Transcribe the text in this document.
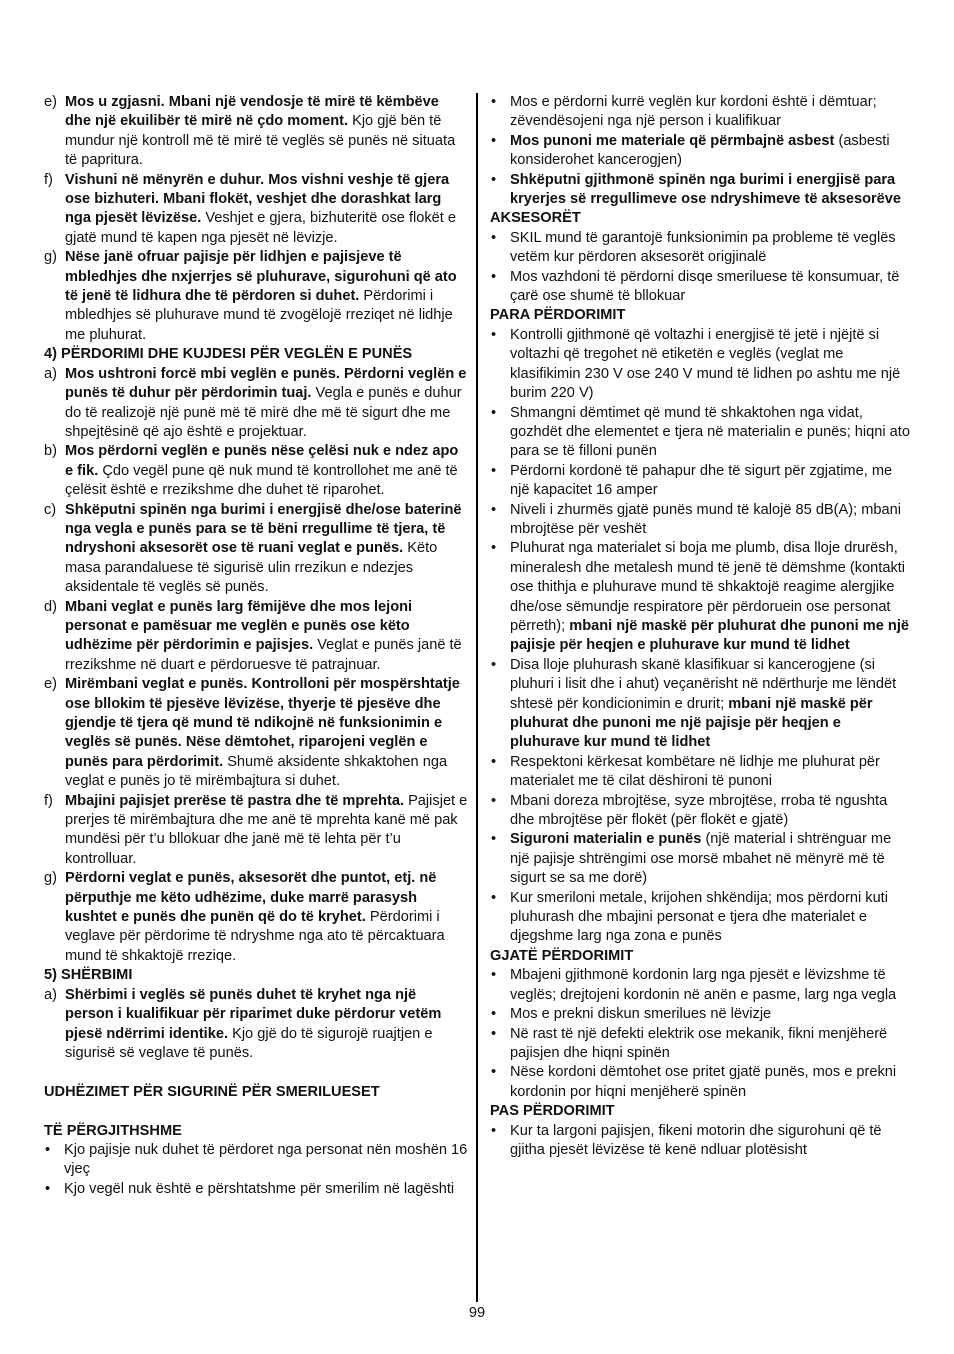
e) Mos u zgjasni. Mbani një vendosje të mirë të këmbëve dhe një ekuilibër të mirë në çdo moment. Kjo gjë bën të mundur një kontroll më të mirë të veglës së punës në situata të papritura.
f) Vishuni në mënyrën e duhur. Mos vishni veshje të gjera ose bizhuteri. Mbani flokët, veshjet dhe dorashkat larg nga pjesët lëvizëse. Veshjet e gjera, bizhuteritë ose flokët e gjatë mund të kapen nga pjesët në lëvizje.
g) Nëse janë ofruar pajisje për lidhjen e pajisjeve të mbledhjes dhe nxjerrjes së pluhurave, sigurohuni që ato të jenë të lidhura dhe të përdoren si duhet. Përdorimi i mbledhjes së pluhurave mund të zvogëlojë rreziqet në lidhje me pluhurat.
4) PËRDORIMI DHE KUJDESI PËR VEGLËN E PUNËS
a) Mos ushtroni forcë mbi veglën e punës. Përdorni veglën e punës të duhur për përdorimin tuaj. Vegla e punës e duhur do të realizojë një punë më të mirë dhe më të sigurt dhe me shpejtësinë që ajo është e projektuar.
b) Mos përdorni veglën e punës nëse çelësi nuk e ndez apo e fik. Çdo vegël pune që nuk mund të kontrollohet me anë të çelësit është e rrezikshme dhe duhet të riparohet.
c) Shkëputni spinën nga burimi i energjisë dhe/ose baterinë nga vegla e punës para se të bëni rregullime të tjera, të ndryshoni aksesorët ose të ruani veglat e punës. Këto masa parandaluese të sigurisë ulin rrezikun e ndezjes aksidentale të veglës së punës.
d) Mbani veglat e punës larg fëmijëve dhe mos lejoni personat e pamësuar me veglën e punës ose këto udhëzime për përdorimin e pajisjes. Veglat e punës janë të rrezikshme në duart e përdoruesve të patrajnuar.
e) Mirëmbani veglat e punës. Kontrolloni për mospërshtatje ose bllokim të pjesëve lëvizëse, thyerje të pjesëve dhe gjendje të tjera që mund të ndikojnë në funksionimin e veglës së punës. Nëse dëmtohet, riparojeni veglën e punës para përdorimit. Shumë aksidente shkaktohen nga veglat e punës jo të mirëmbajtura si duhet.
f) Mbajini pajisjet prerëse të pastra dhe të mprehta. Pajisjet e prerjes të mirëmbajtura dhe me anë të mprehta kanë më pak mundësi për t’u bllokuar dhe janë më të lehta për t’u kontrolluar.
g) Përdorni veglat e punës, aksesorët dhe puntot, etj. në përputhje me këto udhëzime, duke marrë parasysh kushtet e punës dhe punën që do të kryhet. Përdorimi i veglave për përdorime të ndryshme nga ato të përcaktuara mund të shkaktojë rreziqe.
5) SHËRBIMI
a) Shërbimi i veglës së punës duhet të kryhet nga një person i kualifikuar për riparimet duke përdorur vetëm pjesë ndërrimi identike. Kjo gjë do të sigurojë ruajtjen e sigurisë së veglave të punës.
UDHËZIMET PËR SIGURINË PËR SMERILUESET
TË PËRGJITHSHME
• Kjo pajisje nuk duhet të përdoret nga personat nën moshën 16 vjeç
• Kjo vegël nuk është e përshtatshme për smerilim në lagështi
• Mos e përdorni kurrë veglën kur kordoni është i dëmtuar; zëvendësojeni nga një person i kualifikuar
• Mos punoni me materiale që përmbajnë asbest (asbesti konsiderohet kancerogjen)
• Shkëputni gjithmonë spinën nga burimi i energjisë para kryerjes së rregullimeve ose ndryshimeve të aksesorëve
AKSESORËT
• SKIL mund të garantojë funksionimin pa probleme të veglës vetëm kur përdoren aksesorët origjinalë
• Mos vazhdoni të përdorni disqe smeriluese të konsumuar, të çarë ose shumë të bllokuar
PARA PËRDORIMIT
• Kontrolli gjithmonë që voltazhi i energjisë të jetë i njëjtë si voltazhi që tregohet në etiketën e veglës (veglat me klasifikimin 230 V ose 240 V mund të lidhen po ashtu me një burim 220 V)
• Shmangni dëmtimet që mund të shkaktohen nga vidat, gozhdët dhe elementet e tjera në materialin e punës; hiqni ato para se të filloni punën
• Përdorni kordonë të pahapur dhe të sigurt për zgjatime, me një kapacitet 16 amper
• Niveli i zhurmës gjatë punës mund të kalojë 85 dB(A); mbani mbrojtëse për veshët
• Pluhurat nga materialet si boja me plumb, disa lloje drurësh, mineralesh dhe metalesh mund të jenë të dëmshme (kontakti ose thithja e pluhurave mund të shkaktojë reagime alergjike dhe/ose sëmundje respiratore për përdoruein ose personat përreth); mbani një maskë për pluhurat dhe punoni me një pajisje për heqjen e pluhurave kur mund të lidhet
• Disa lloje pluhurash skanë klasifikuar si kancerogjene (si pluhuri i lisit dhe i ahut) veçanërisht në ndërthurje me lëndët shtesë për kondicionimin e drurit; mbani një maskë për pluhurat dhe punoni me një pajisje për heqjen e pluhurave kur mund të lidhet
• Respektoni kërkesat kombëtare në lidhje me pluhurat për materialet me të cilat dëshironi të punoni
• Mbani doreza mbrojtëse, syze mbrojtëse, rroba të ngushta dhe mbrojtëse për flokët (për flokët e gjatë)
• Siguroni materialin e punës (një material i shtrënguar me një pajisje shtrëngimi ose morsë mbahet në mënyrë më të sigurt se sa me dorë)
• Kur smeriloni metale, krijohen shkëndija; mos përdorni kuti pluhurash dhe mbajini personat e tjera dhe materialet e djegshme larg nga zona e punës
GJATË PËRDORIMIT
• Mbajeni gjithmonë kordonin larg nga pjesët e lëvizshme të veglës; drejtojeni kordonin në anën e pasme, larg nga vegla
• Mos e prekni diskun smerilues në lëvizje
• Në rast të një defekti elektrik ose mekanik, fikni menjëherë pajisjen dhe hiqni spinën
• Nëse kordoni dëmtohet ose pritet gjatë punës, mos e prekni kordonin por hiqni menjëherë spinën
PAS PËRDORIMIT
• Kur ta largoni pajisjen, fikeni motorin dhe sigurohuni që të gjitha pjesët lëvizëse të kenë ndluar plotësisht
99
